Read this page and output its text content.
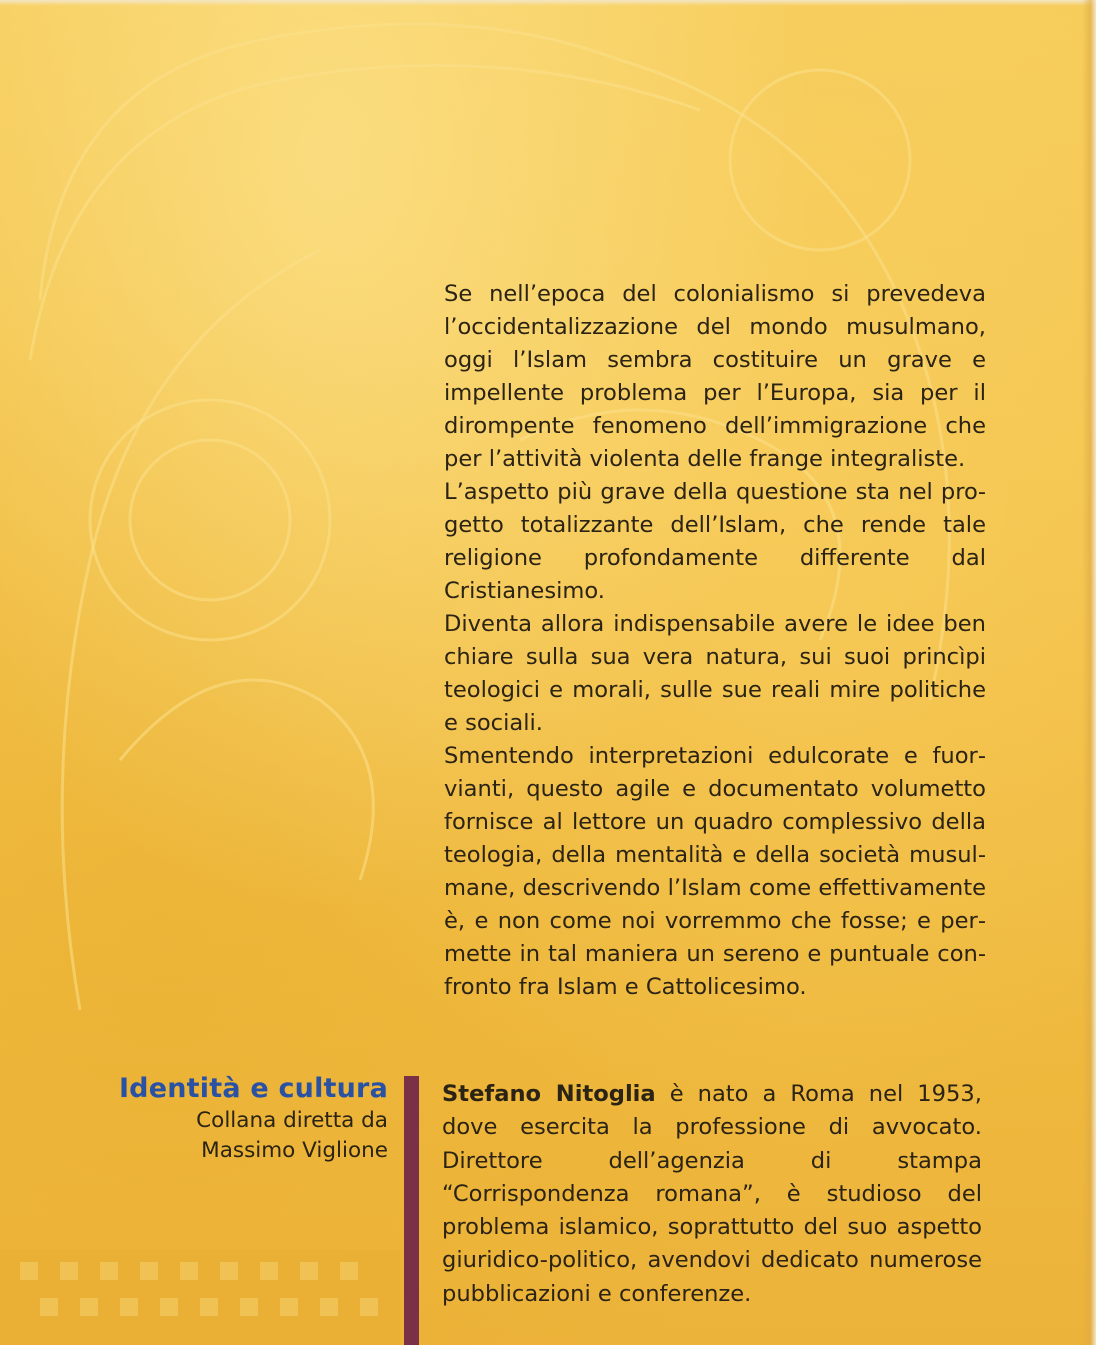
Se nell’epoca del colonialismo si prevedeva l’occidentalizzazione del mondo musulmano, oggi l’Islam sembra costituire un grave e impellente problema per l’Europa, sia per il dirompente fenomeno dell’immigrazione che per l’attività violenta delle frange integraliste.

L’aspetto più grave della questione sta nel progetto totalizzante dell’Islam, che rende tale religione profondamente differente dal Cristianesimo.

Diventa allora indispensabile avere le idee ben chiare sulla sua vera natura, sui suoi princìpi teologici e morali, sulle sue reali mire politiche e sociali.

Smentendo interpretazioni edulcorate e fuorvianti, questo agile e documentato volumetto fornisce al lettore un quadro complessivo della teologia, della mentalità e della società musulmane, descrivendo l’Islam come effettivamente è, e non come noi vorremmo che fosse; e permette in tal maniera un sereno e puntuale confronto fra Islam e Cattolicesimo.

Identità e cultura
Collana diretta da
Massimo Viglione
Stefano Nitoglia è nato a Roma nel 1953, dove esercita la professione di avvocato. Direttore dell’agenzia di stampa “Corrispondenza romana”, è studioso del problema islamico, soprattutto del suo aspetto giuridico-politico, avendovi dedicato numerose pubblicazioni e conferenze.
